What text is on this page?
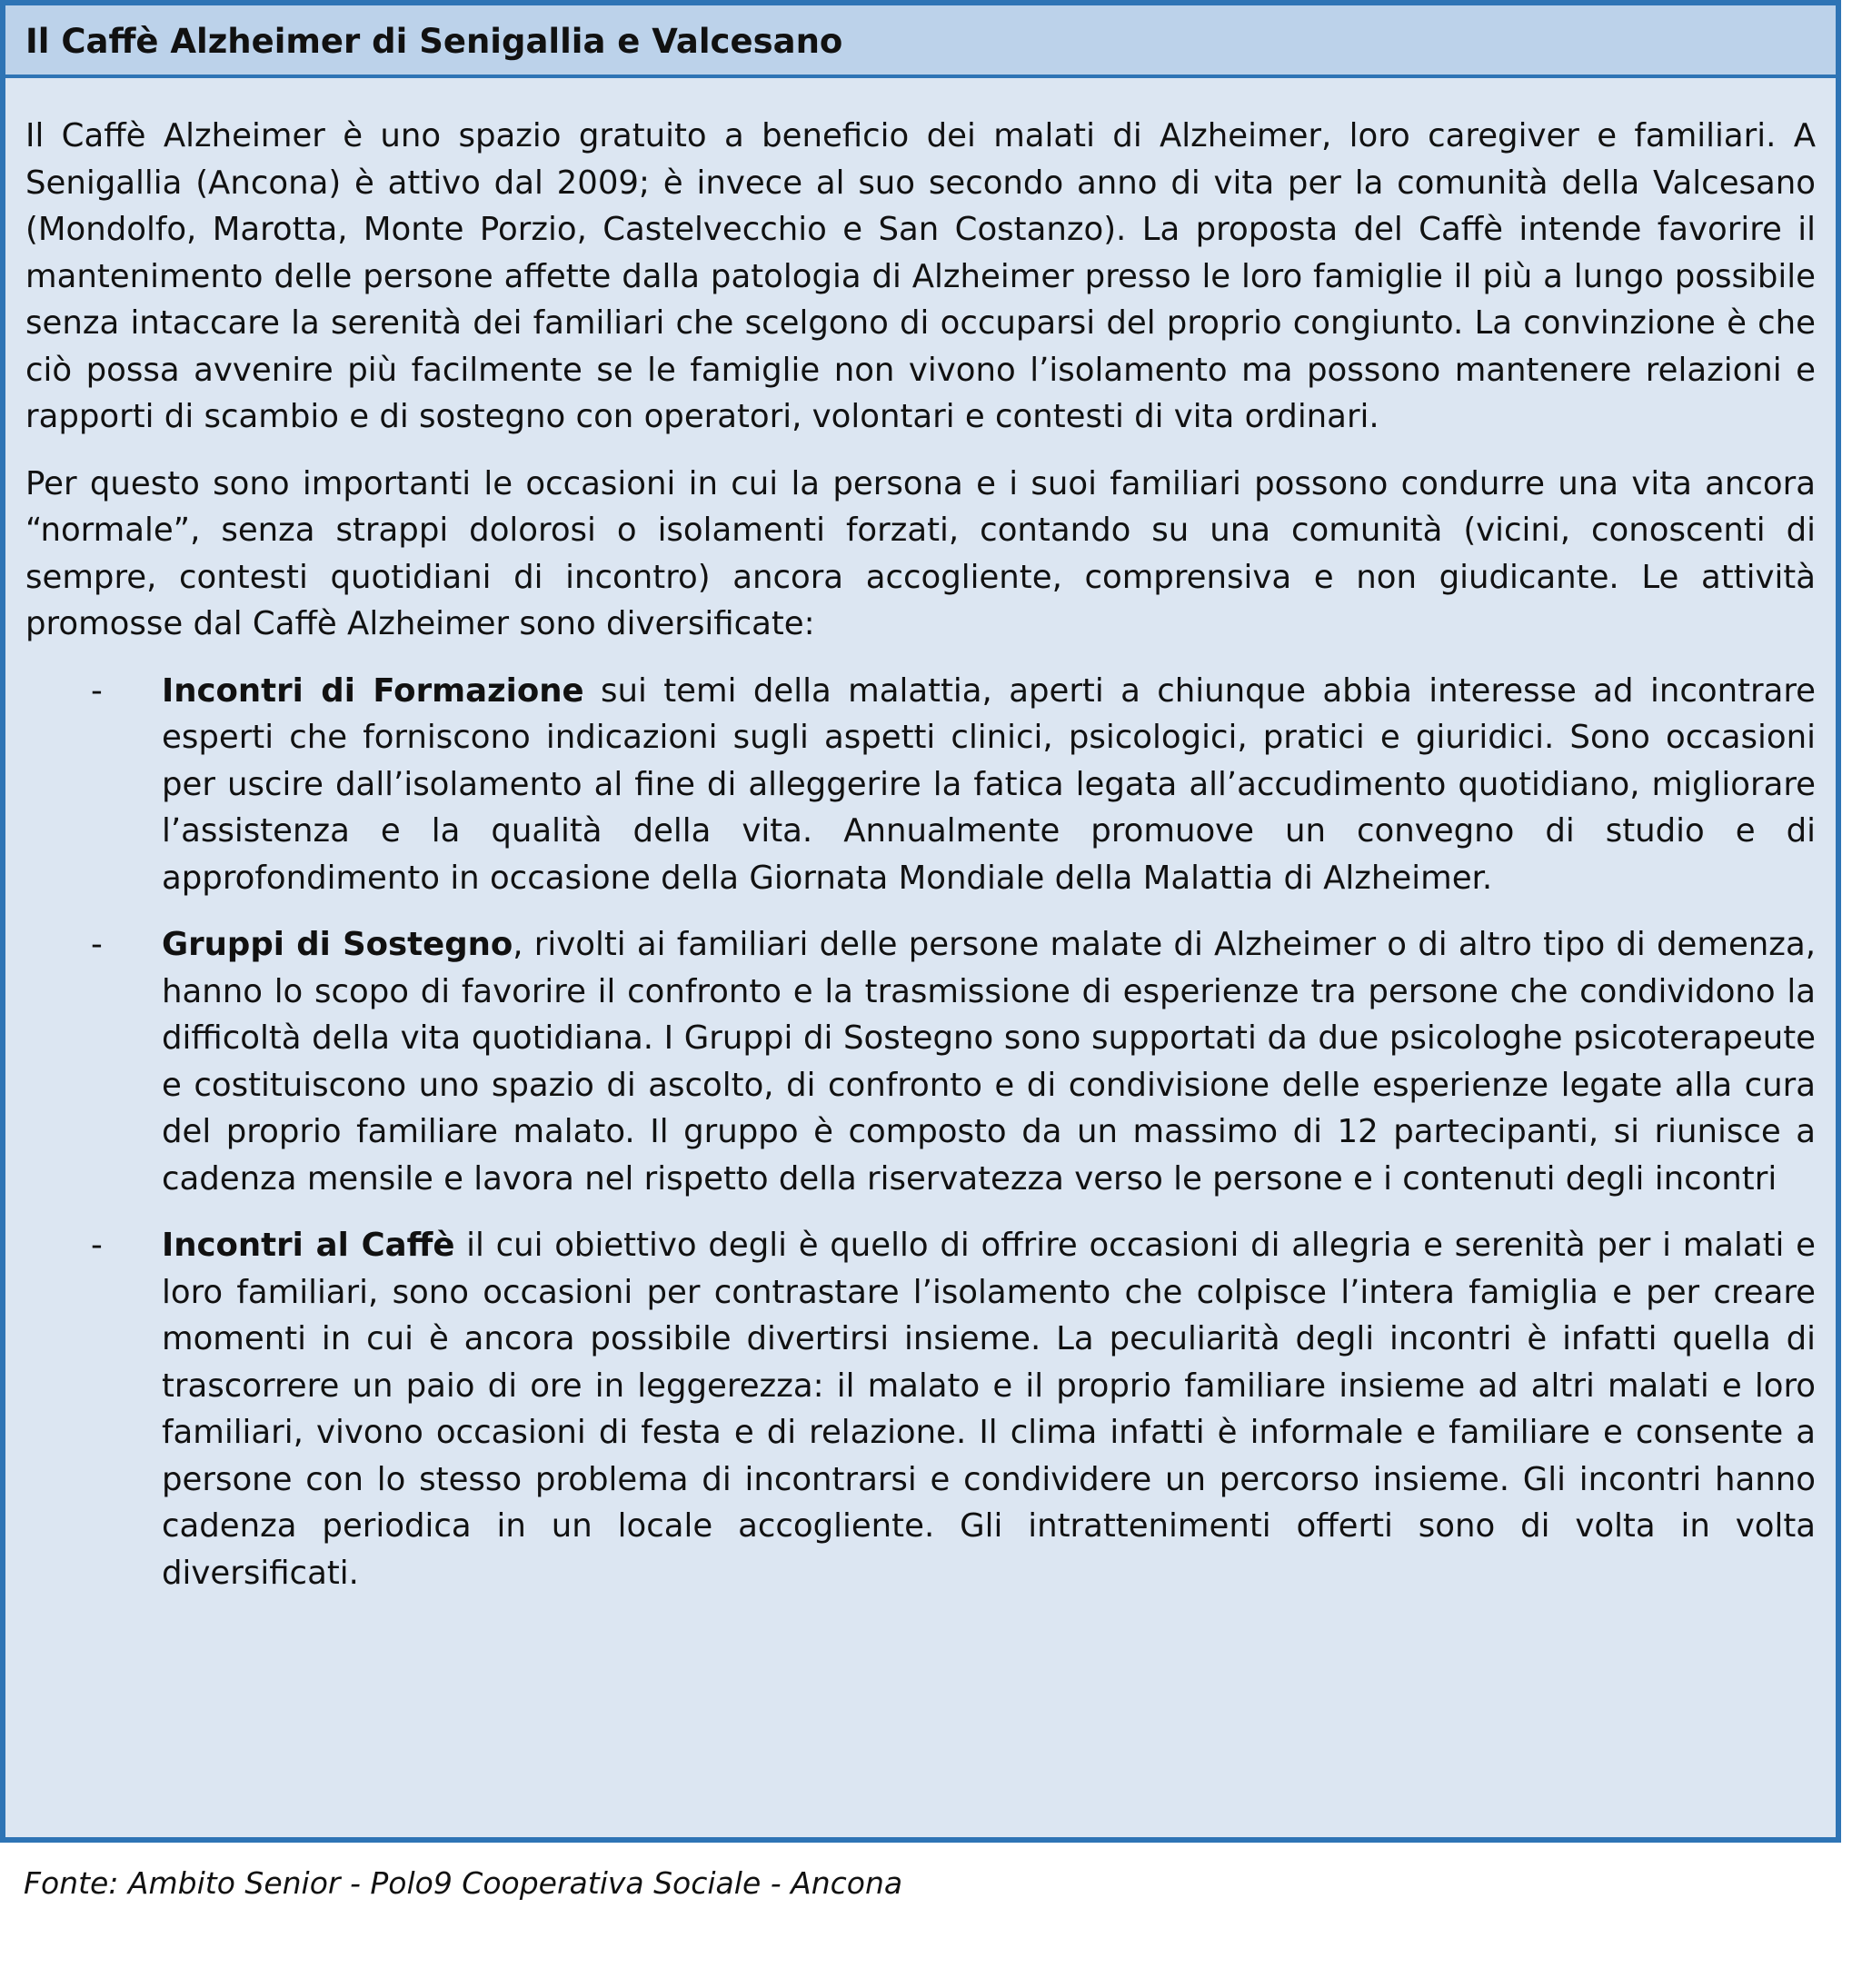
Il Caffè Alzheimer di Senigallia e Valcesano

Il Caffè Alzheimer è uno spazio gratuito a beneficio dei malati di Alzheimer, loro caregiver e familiari. A Senigallia (Ancona) è attivo dal 2009; è invece al suo secondo anno di vita per la comunità della Valcesano (Mondolfo, Marotta, Monte Porzio, Castelvecchio e San Costanzo). La proposta del Caffè intende favorire il mantenimento delle persone affette dalla patologia di Alzheimer presso le loro famiglie il più a lungo possibile senza intaccare la serenità dei familiari che scelgono di occuparsi del proprio congiunto. La convinzione è che ciò possa avvenire più facilmente se le famiglie non vivono l’isolamento ma possono mantenere relazioni e rapporti di scambio e di sostegno con operatori, volontari e contesti di vita ordinari.

Per questo sono importanti le occasioni in cui la persona e i suoi familiari possono condurre una vita ancora “normale”, senza strappi dolorosi o isolamenti forzati, contando su una comunità (vicini, conoscenti di sempre, contesti quotidiani di incontro) ancora accogliente, comprensiva e non giudicante. Le attività promosse dal Caffè Alzheimer sono diversificate:

- Incontri di Formazione sui temi della malattia, aperti a chiunque abbia interesse ad incontrare esperti che forniscono indicazioni sugli aspetti clinici, psicologici, pratici e giuridici. Sono occasioni per uscire dall’isolamento al fine di alleggerire la fatica legata all’accudimento quotidiano, migliorare l’assistenza e la qualità della vita. Annualmente promuove un convegno di studio e di approfondimento in occasione della Giornata Mondiale della Malattia di Alzheimer.

- Gruppi di Sostegno, rivolti ai familiari delle persone malate di Alzheimer o di altro tipo di demenza, hanno lo scopo di favorire il confronto e la trasmissione di esperienze tra persone che condividono la difficoltà della vita quotidiana. I Gruppi di Sostegno sono supportati da due psicologhe psicoterapeute e costituiscono uno spazio di ascolto, di confronto e di condivisione delle esperienze legate alla cura del proprio familiare malato. Il gruppo è composto da un massimo di 12 partecipanti, si riunisce a cadenza mensile e lavora nel rispetto della riservatezza verso le persone e i contenuti degli incontri

- Incontri al Caffè il cui obiettivo degli è quello di offrire occasioni di allegria e serenità per i malati e loro familiari, sono occasioni per contrastare l’isolamento che colpisce l’intera famiglia e per creare momenti in cui è ancora possibile divertirsi insieme. La peculiarità degli incontri è infatti quella di trascorrere un paio di ore in leggerezza: il malato e il proprio familiare insieme ad altri malati e loro familiari, vivono occasioni di festa e di relazione. Il clima infatti è informale e familiare e consente a persone con lo stesso problema di incontrarsi e condividere un percorso insieme. Gli incontri hanno cadenza periodica in un locale accogliente. Gli intrattenimenti offerti sono di volta in volta diversificati.

Fonte: Ambito Senior - Polo9 Cooperativa Sociale - Ancona
